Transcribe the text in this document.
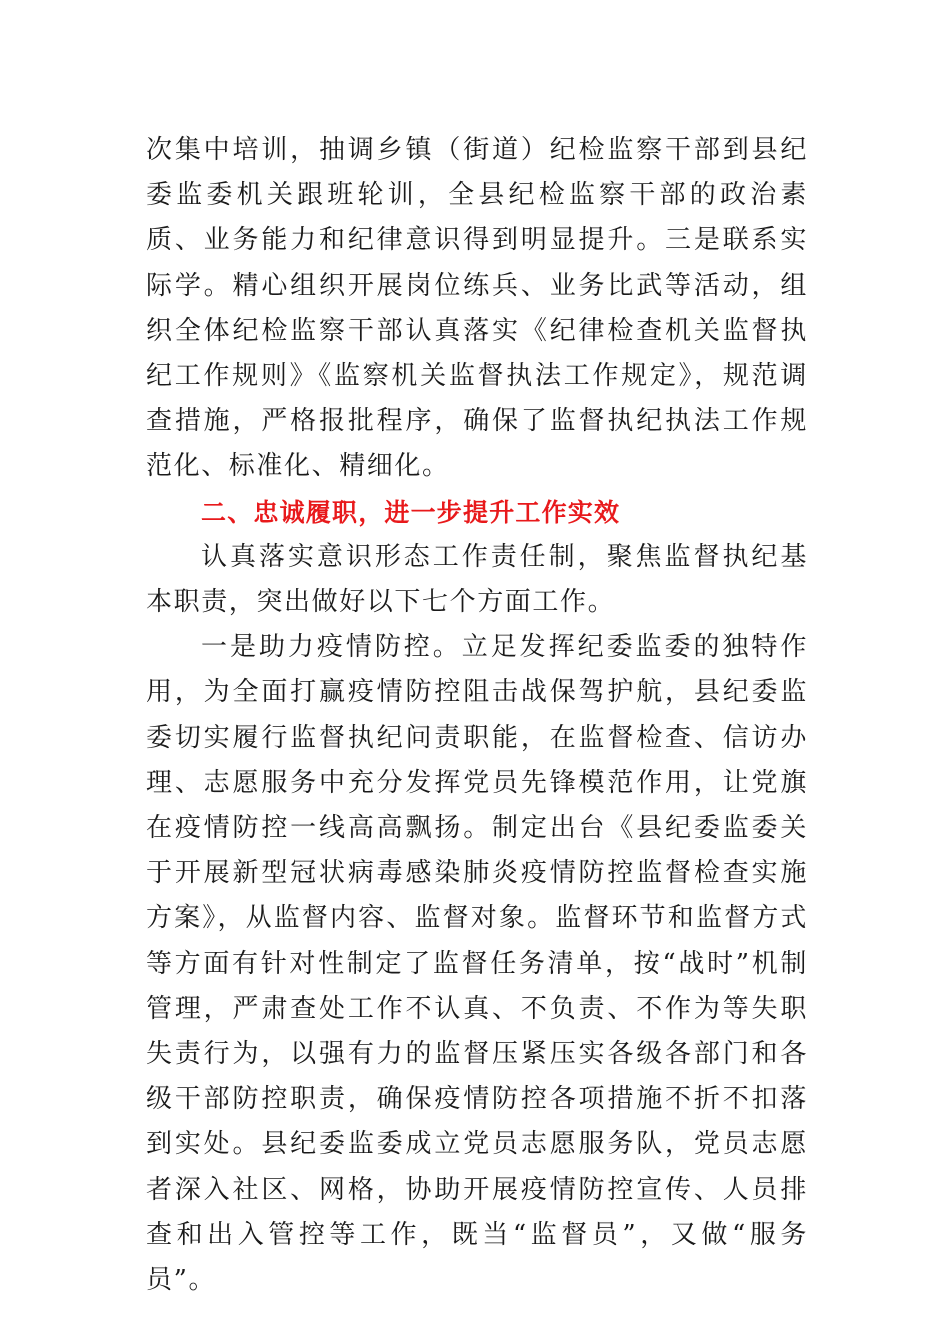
次集中培训，抽调乡镇（街道）纪检监察干部到县纪委监委机关跟班轮训，全县纪检监察干部的政治素质、业务能力和纪律意识得到明显提升。三是联系实际学。精心组织开展岗位练兵、业务比武等活动，组织全体纪检监察干部认真落实《纪律检查机关监督执纪工作规则》《监察机关监督执法工作规定》，规范调查措施，严格报批程序，确保了监督执纪执法工作规范化、标准化、精细化。

二、忠诚履职，进一步提升工作实效

认真落实意识形态工作责任制，聚焦监督执纪基本职责，突出做好以下七个方面工作。

一是助力疫情防控。立足发挥纪委监委的独特作用，为全面打赢疫情防控阻击战保驾护航，县纪委监委切实履行监督执纪问责职能，在监督检查、信访办理、志愿服务中充分发挥党员先锋模范作用，让党旗在疫情防控一线高高飘扬。制定出台《县纪委监委关于开展新型冠状病毒感染肺炎疫情防控监督检查实施方案》，从监督内容、监督对象。监督环节和监督方式等方面有针对性制定了监督任务清单，按“战时”机制管理，严肃查处工作不认真、不负责、不作为等失职失责行为，以强有力的监督压紧压实各级各部门和各级干部防控职责，确保疫情防控各项措施不折不扣落到实处。县纪委监委成立党员志愿服务队，党员志愿者深入社区、网格，协助开展疫情防控宣传、人员排查和出入管控等工作，既当“监督员”，又做“服务员”。
